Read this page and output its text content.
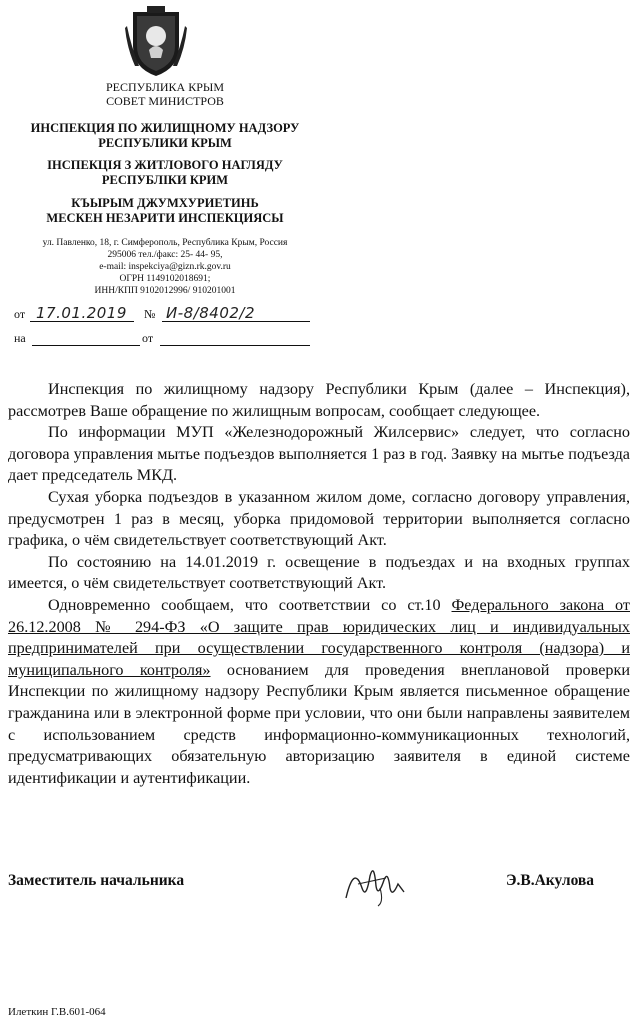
РЕСПУБЛИКА КРЫМ
СОВЕТ МИНИСТРОВ
ИНСПЕКЦИЯ ПО ЖИЛИЩНОМУ НАДЗОРУ
РЕСПУБЛИКИ КРЫМ
ІНСПЕКЦІЯ З ЖИТЛОВОГО НАГЛЯДУ
РЕСПУБЛІКИ КРИМ
КЪЫРЫМ ДЖУМХУРИЕТИНЬ
МЕСКЕН НЕЗАРИТИ ИНСПЕКЦИЯСЫ
ул. Павленко, 18, г. Симферополь, Республика Крым, Россия
295006 тел./факс: 25- 44- 95,
e-mail: inspekciya@gizn.rk.gov.ru
ОГРН 1149102018691;
ИНН/КПП 9102012996/ 910201001
от 17.01.2019 № И-8/8402/2
на	от

Инспекция по жилищному надзору Республики Крым (далее – Инспекция), рассмотрев Ваше обращение по жилищным вопросам, сообщает следующее.

По информации МУП «Железнодорожный Жилсервис» следует, что согласно договора управления мытье подъездов выполняется 1 раз в год. Заявку на мытье подъезда дает председатель МКД.

Сухая уборка подъездов в указанном жилом доме, согласно договору управления, предусмотрен 1 раз в месяц, уборка придомовой территории выполняется согласно графика, о чём свидетельствует соответствующий Акт.

По состоянию на 14.01.2019 г. освещение в подъездах и на входных группах имеется, о чём свидетельствует соответствующий Акт.

Одновременно сообщаем, что соответствии со ст.10 Федерального закона от 26.12.2008 № 294-ФЗ «О защите прав юридических лиц и индивидуальных предпринимателей при осуществлении государственного контроля (надзора) и муниципального контроля» основанием для проведения внеплановой проверки Инспекции по жилищному надзору Республики Крым является письменное обращение гражданина или в электронной форме при условии, что они были направлены заявителем с использованием средств информационно-коммуникационных технологий, предусматривающих обязательную авторизацию заявителя в единой системе идентификации и аутентификации.

Заместитель начальника	Э.В.Акулова
Илеткин Г.В.601-064
